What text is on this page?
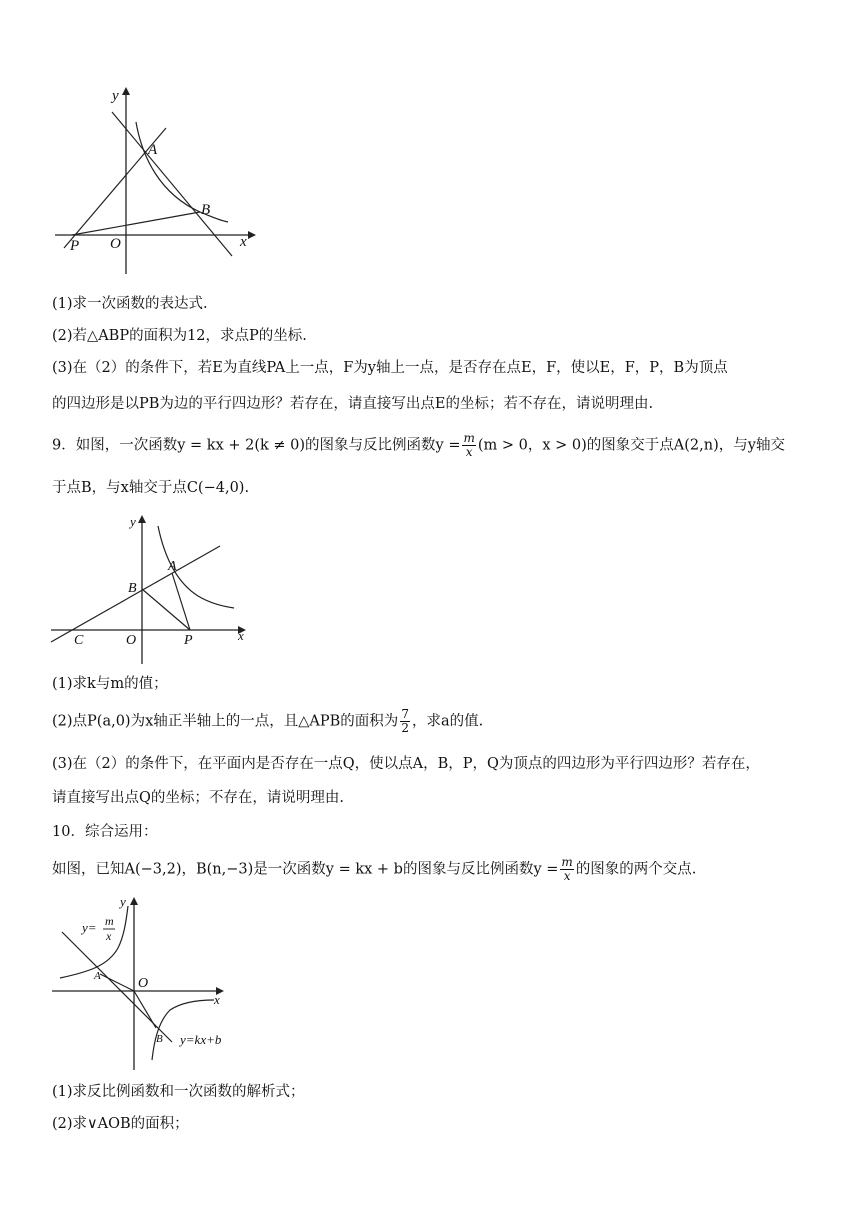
y
A
B
P O	x
(1)求一次函数的表达式.
(2)若△ABP的面积为12，求点P的坐标.
(3)在（2）的条件下，若E为直线PA上一点，F为y轴上一点，是否存在点E，F，使以E，F，P，B为顶点
的四边形是以PB为边的平行四边形？若存在，请直接写出点E的坐标；若不存在，请说明理由.
9．如图，一次函数y = kx + 2(k ≠ 0)的图象与反比例函数$y = \frac{m}{x} (m > 0$，x > 0)的图象交于点A(2,n)，与y轴交
于点B，与x轴交于点C(−4,0).
y
A
B
C	O	P	x
(1)求k与m的值；
(2)点P(a,0)为x轴正半轴上的一点，且△APB的面积为 $\frac{7}{2}$ ，求a的值.
(3)在（2）的条件下，在平面内是否存在一点Q，使以点A，B，P，Q为顶点的四边形为平行四边形？若存在，
请直接写出点Q的坐标；不存在，请说明理由.
10．综合运用：
如图，已知A(−3,2)，B(n,−3)是一次函数y = kx + b的图象与反比例函数$y = \frac{m}{x}$ 的图象的两个交点.
y
y= m
x
A	O
x
B y=kx+b
(1)求反比例函数和一次函数的解析式；
(2)求∨AOB的面积；
